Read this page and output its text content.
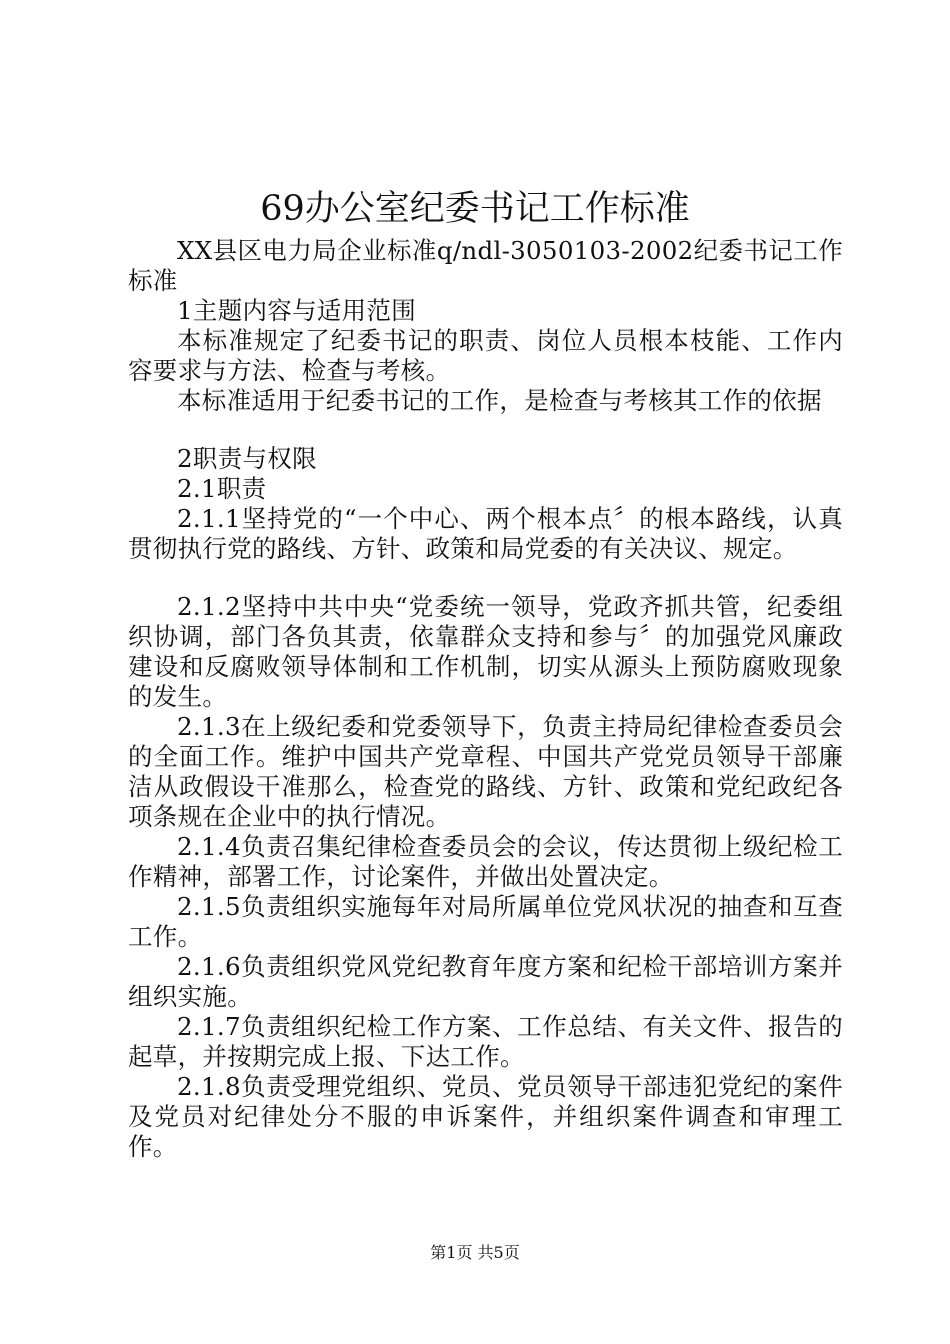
69办公室纪委书记工作标准

XX县区电力局企业标准q/ndl-3050103-2002纪委书记工作标准

1主题内容与适用范围

本标准规定了纪委书记的职责、岗位人员根本枝能、工作内容要求与方法、检查与考核。

本标准适用于纪委书记的工作，是检查与考核其工作的依据

2职责与权限

2.1职责

2.1.1坚持党的“一个中心、两个根本点〞的根本路线，认真贯彻执行党的路线、方针、政策和局党委的有关决议、规定。

2.1.2坚持中共中央“党委统一领导，党政齐抓共管，纪委组织协调，部门各负其责，依靠群众支持和参与〞的加强党风廉政建设和反腐败领导体制和工作机制，切实从源头上预防腐败现象的发生。

2.1.3在上级纪委和党委领导下，负责主持局纪律检查委员会的全面工作。维护中国共产党章程、中国共产党党员领导干部廉洁从政假设干准那么，检查党的路线、方针、政策和党纪政纪各项条规在企业中的执行情况。

2.1.4负责召集纪律检查委员会的会议，传达贯彻上级纪检工作精神，部署工作，讨论案件，并做出处置决定。

2.1.5负责组织实施每年对局所属单位党风状况的抽查和互查工作。

2.1.6负责组织党风党纪教育年度方案和纪检干部培训方案并组织实施。

2.1.7负责组织纪检工作方案、工作总结、有关文件、报告的起草，并按期完成上报、下达工作。

2.1.8负责受理党组织、党员、党员领导干部违犯党纪的案件及党员对纪律处分不服的申诉案件，并组织案件调查和审理工作。

第1页 共5页
